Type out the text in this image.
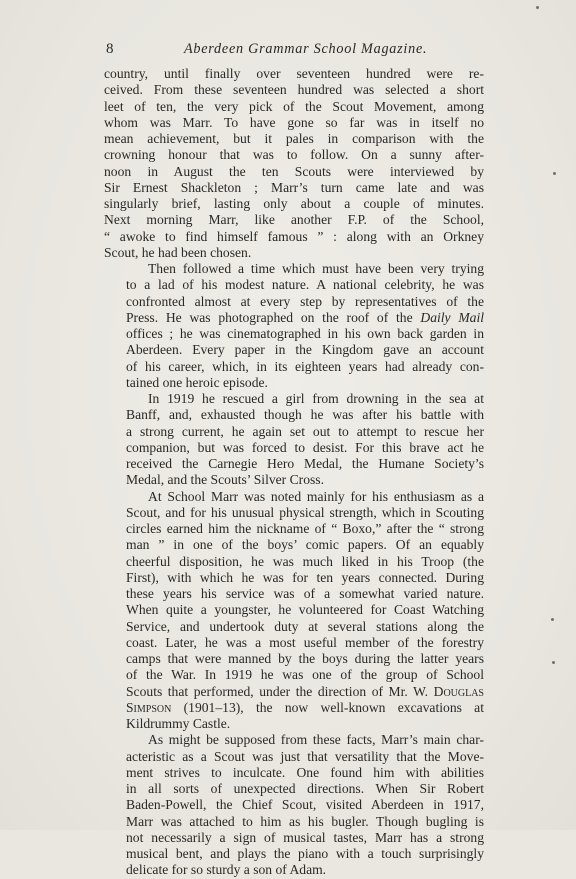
8	Aberdeen Grammar School Magazine.

country, until finally over seventeen hundred were re-
ceived. From these seventeen hundred was selected a short
leet of ten, the very pick of the Scout Movement, among
whom was Marr. To have gone so far was in itself no
mean achievement, but it pales in comparison with the
crowning honour that was to follow. On a sunny after-
noon in August the ten Scouts were interviewed by
Sir Ernest Shackleton ; Marr’s turn came late and was
singularly brief, lasting only about a couple of minutes.
Next morning Marr, like another F.P. of the School,
“ awoke to find himself famous ” : along with an Orkney
Scout, he had been chosen.

Then followed a time which must have been very trying
to a lad of his modest nature. A national celebrity, he was
confronted almost at every step by representatives of the
Press. He was photographed on the roof of the Daily Mail
offices ; he was cinematographed in his own back garden in
Aberdeen. Every paper in the Kingdom gave an account
of his career, which, in its eighteen years had already con-
tained one heroic episode.

In 1919 he rescued a girl from drowning in the sea at
Banff, and, exhausted though he was after his battle with
a strong current, he again set out to attempt to rescue her
companion, but was forced to desist. For this brave act he
received the Carnegie Hero Medal, the Humane Society’s
Medal, and the Scouts’ Silver Cross.

At School Marr was noted mainly for his enthusiasm as a
Scout, and for his unusual physical strength, which in Scouting
circles earned him the nickname of “ Boxo,” after the “ strong
man ” in one of the boys’ comic papers. Of an equably
cheerful disposition, he was much liked in his Troop (the
First), with which he was for ten years connected. During
these years his service was of a somewhat varied nature.
When quite a youngster, he volunteered for Coast Watching
Service, and undertook duty at several stations along the
coast. Later, he was a most useful member of the forestry
camps that were manned by the boys during the latter years
of the War. In 1919 he was one of the group of School
Scouts that performed, under the direction of Mr. W. Douglas
Simpson (1901–13), the now well-known excavations at
Kildrummy Castle.

As might be supposed from these facts, Marr’s main char-
acteristic as a Scout was just that versatility that the Move-
ment strives to inculcate. One found him with abilities
in all sorts of unexpected directions. When Sir Robert
Baden-Powell, the Chief Scout, visited Aberdeen in 1917,
Marr was attached to him as his bugler. Though bugling is
not necessarily a sign of musical tastes, Marr has a strong
musical bent, and plays the piano with a touch surprisingly
delicate for so sturdy a son of Adam.
